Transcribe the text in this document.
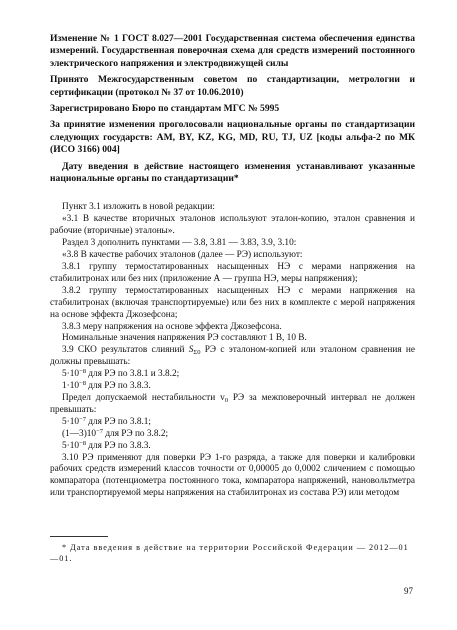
Изменение № 1 ГОСТ 8.027—2001 Государственная система обеспечения единства измерений. Государственная поверочная схема для средств измерений постоянного электрического напряжения и электродвижущей силы
Принято Межгосударственным советом по стандартизации, метрологии и сертификации (протокол № 37 от 10.06.2010)
Зарегистрировано Бюро по стандартам МГС № 5995
За принятие изменения проголосовали национальные органы по стандартизации следующих государств: AM, BY, KZ, KG, MD, RU, TJ, UZ [коды альфа-2 по МК (ИСО 3166) 004]
Дату введения в действие настоящего изменения устанавливают указанные национальные органы по стандартизации*

Пункт 3.1 изложить в новой редакции:

«3.1 В качестве вторичных эталонов используют эталон-копию, эталон сравнения и рабочие (вторичные) эталоны».

Раздел 3 дополнить пунктами — 3.8, 3.81 — 3.83, 3.9, 3.10:

«3.8 В качестве рабочих эталонов (далее — РЭ) используют:

3.8.1 группу термостатированных насыщенных НЭ с мерами напряжения на стабилитронах или без них (приложение А — группа НЭ, меры напряжения);

3.8.2 группу термостатированных насыщенных НЭ с мерами напряжения на стабилитронах (включая транспортируемые) или без них в комплекте с мерой напряжения на основе эффекта Джозефсона;

3.8.3 меру напряжения на основе эффекта Джозефсона.

Номинальные значения напряжения РЭ составляют 1 В, 10 В.

3.9 СКО результатов слияний $S_{\Sigma 0}$ РЭ с эталоном-копией или эталоном сравнения не должны превышать:

$5\cdot 10^{-8}$ для РЭ по 3.8.1 и 3.8.2;

$1\cdot 10^{-8}$ для РЭ по 3.8.3.

Предел допускаемой нестабильности $v_0$ РЭ за межповерочный интервал не должен превышать:

$5\cdot 10^{-7}$ для РЭ по 3.8.1;

$(1—3)10^{-7}$ для РЭ по 3.8.2;

$5\cdot 10^{-8}$ для РЭ по 3.8.3.

3.10 РЭ применяют для поверки РЭ 1-го разряда, а также для поверки и калибровки рабочих средств измерений классов точности от 0,00005 до 0,0002 сличением с помощью компаратора (потенциометра постоянного тока, компаратора напряжений, нановольтметра или транспортируемой меры напряжения на стабилитронах из состава РЭ) или методом

* Дата введения в действие на территории Российской Федерации — 2012—01—01.
97
